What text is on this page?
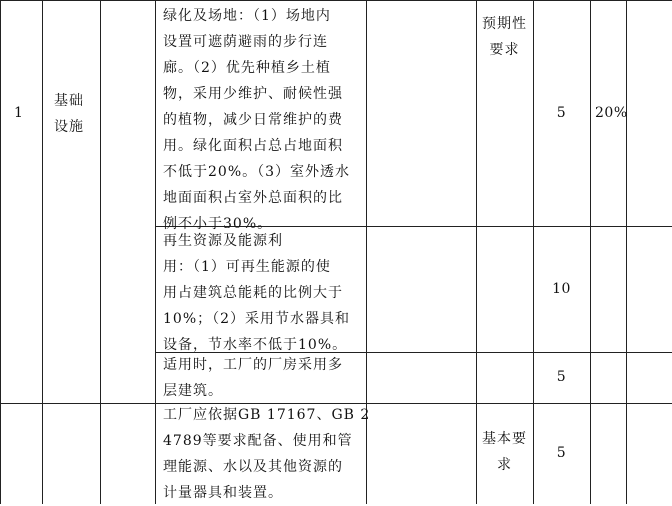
1
基础
设施
20%
绿化及场地：（1）场地内
设置可遮荫避雨的步行连
廊。（2）优先种植乡土植
物，采用少维护、耐候性强
的植物，减少日常维护的费
用。绿化面积占总占地面积
不低于20%。（3）室外透水
地面面积占室外总面积的比
例不小于30%。
预期性
要求
5
再生资源及能源利
用：（1）可再生能源的使
用占建筑总能耗的比例大于
10%；（2）采用节水器具和
设备，节水率不低于10%。
10
适用时，工厂的厂房采用多
层建筑。
5
工厂应依据GB 17167、GB 2
4789等要求配备、使用和管
理能源、水以及其他资源的
计量器具和装置。
基本要
求
5
